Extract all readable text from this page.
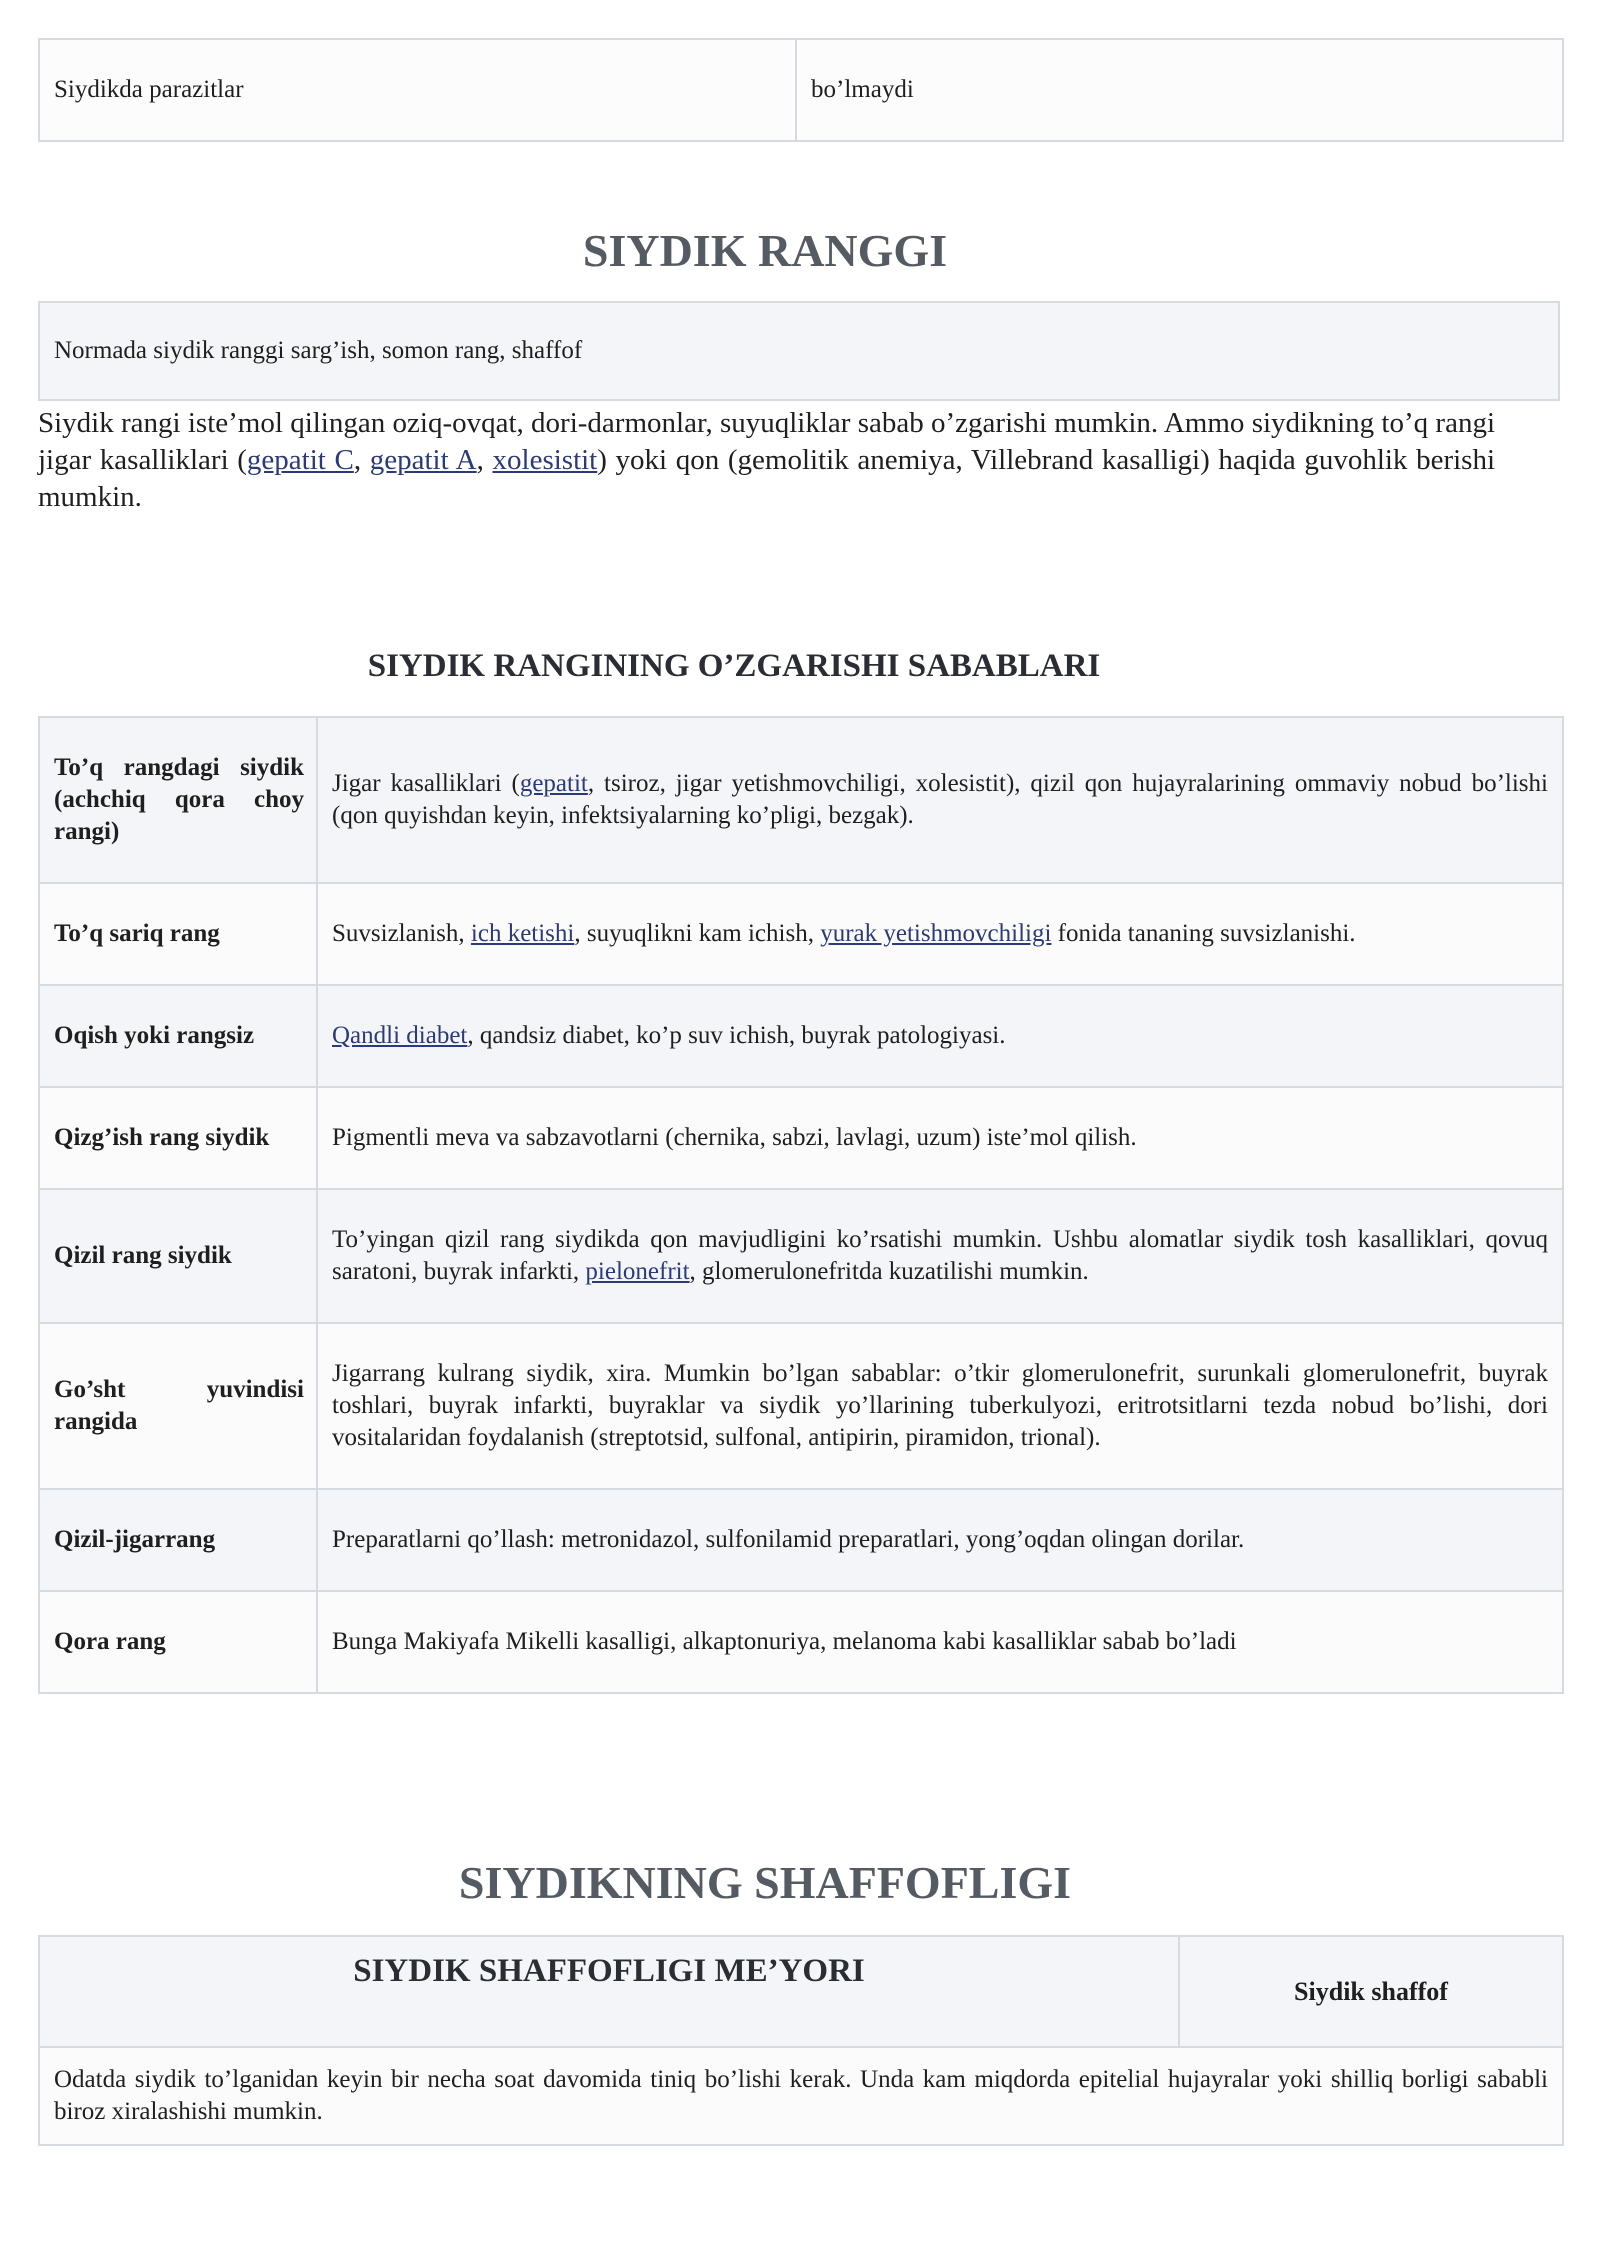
Siydikda parazitlar	bo’lmaydi
SIYDIK RANGGI
Normada siydik ranggi sarg’ish, somon rang, shaffof

Siydik rangi iste’mol qilingan oziq-ovqat, dori-darmonlar, suyuqliklar sabab o’zgarishi mumkin. Ammo siydikning to’q rangi jigar kasalliklari (gepatit C, gepatit A, xolesistit) yoki qon (gemolitik anemiya, Villebrand kasalligi) haqida guvohlik berishi mumkin.

SIYDIK RANGINING O’ZGARISHI SABABLARI
To’q rangdagi siydik (achchiq qora choy rangi)	Jigar kasalliklari (gepatit, tsiroz, jigar yetishmovchiligi, xolesistit), qizil qon hujayralarining ommaviy nobud bo’lishi (qon quyishdan keyin, infektsiyalarning ko’pligi, bezgak).
To’q sariq rang	Suvsizlanish, ich ketishi, suyuqlikni kam ichish, yurak yetishmovchiligi fonida tananing suvsizlanishi.
Oqish yoki rangsiz	Qandli diabet, qandsiz diabet, ko’p suv ichish, buyrak patologiyasi.
Qizg’ish rang siydik	Pigmentli meva va sabzavotlarni (chernika, sabzi, lavlagi, uzum) iste’mol qilish.
Qizil rang siydik	To’yingan qizil rang siydikda qon mavjudligini ko’rsatishi mumkin. Ushbu alomatlar siydik tosh kasalliklari, qovuq saratoni, buyrak infarkti, pielonefrit, glomerulonefritda kuzatilishi mumkin.
Go’sht yuvindisi rangida	Jigarrang kulrang siydik, xira. Mumkin bo’lgan sabablar: o’tkir glomerulonefrit, surunkali glomerulonefrit, buyrak toshlari, buyrak infarkti, buyraklar va siydik yo’llarining tuberkulyozi, eritrotsitlarni tezda nobud bo’lishi, dori vositalaridan foydalanish (streptotsid, sulfonal, antipirin, piramidon, trional).
Qizil-jigarrang	Preparatlarni qo’llash: metronidazol, sulfonilamid preparatlari, yong’oqdan olingan dorilar.
Qora rang	Bunga Makiyafa Mikelli kasalligi, alkaptonuriya, melanoma kabi kasalliklar sabab bo’ladi
SIYDIKNING SHAFFOFLIGI
SIYDIK SHAFFOFLIGI ME’YORI	Siydik shaffof
Odatda siydik to’lganidan keyin bir necha soat davomida tiniq bo’lishi kerak. Unda kam miqdorda epitelial hujayralar yoki shilliq borligi sababli biroz xiralashishi mumkin.
